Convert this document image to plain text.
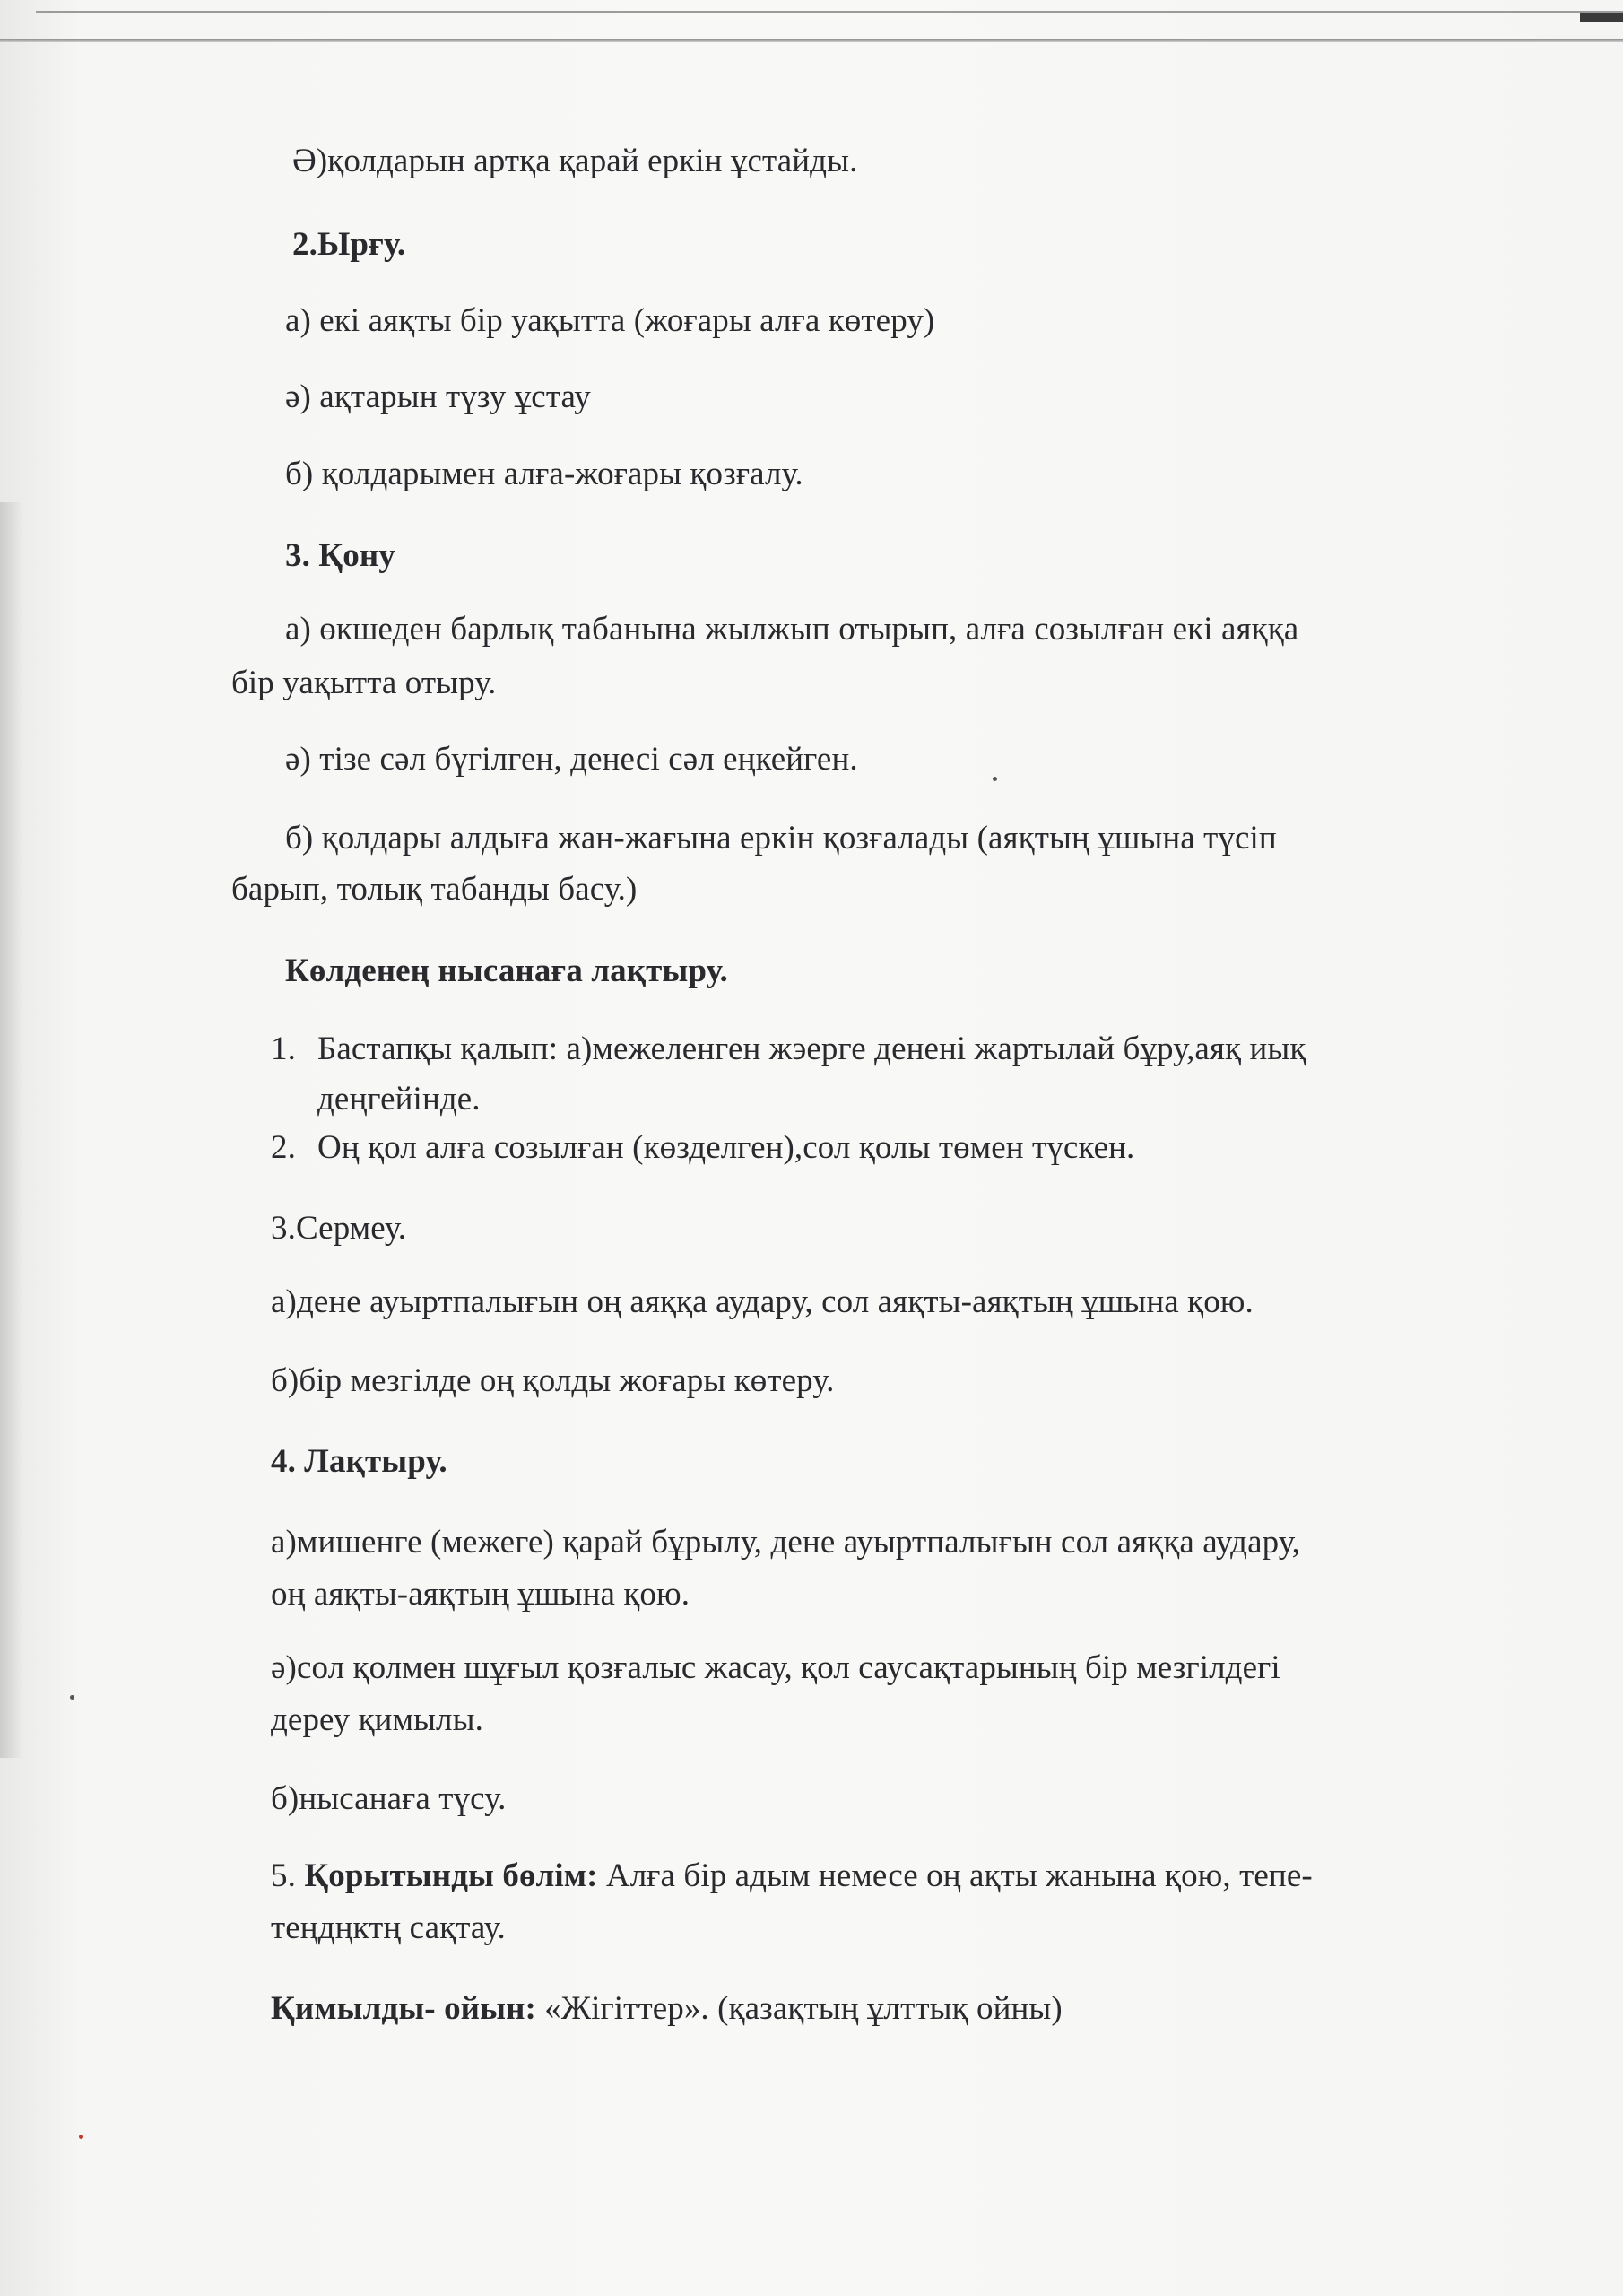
Ә)қолдарын артқа қарай еркін ұстайды.
2.Ырғу.
а) екі аяқты бір уақытта (жоғары алға көтеру)
ә) ақтарын түзу ұстау
б) қолдарымен алға-жоғары қозғалу.
3. Қону
а) өкшеден барлық табанына жылжып отырып, алға созылған екі аяққа
бір уақытта отыру.
ә) тізе сәл бүгілген, денесі сәл еңкейген.
б) қолдары алдыға жан-жағына еркін қозғалады (аяқтың ұшына түсіп
барып, толық табанды басу.)
Көлденең нысанаға лақтыру.
1. Бастапқы қалып: а)межеленген жэерге денені жартылай бұру,аяқ иық
деңгейінде.
2. Оң қол алға созылған (көзделген),сол қолы төмен түскен.
3.Сермеу.
а)дене ауыртпалығын оң аяққа аудару, сол аяқты-аяқтың ұшына қою.
б)бір мезгілде оң қолды жоғары көтеру.
4. Лақтыру.
а)мишенге (межеге) қарай бұрылу, дене ауыртпалығын сол аяққа аудару,
оң аяқты-аяқтың ұшына қою.
ә)сол қолмен шұғыл қозғалыс жасау, қол саусақтарының бір мезгілдегі
дереу қимылы.
б)нысанаға түсу.
5. Қорытынды бөлім: Алға бір адым немесе оң ақты жанына қою, тепе-
теңдңктң сақтау.
Қимылды- ойын: «Жігіттер». (қазақтың ұлттық ойны)
